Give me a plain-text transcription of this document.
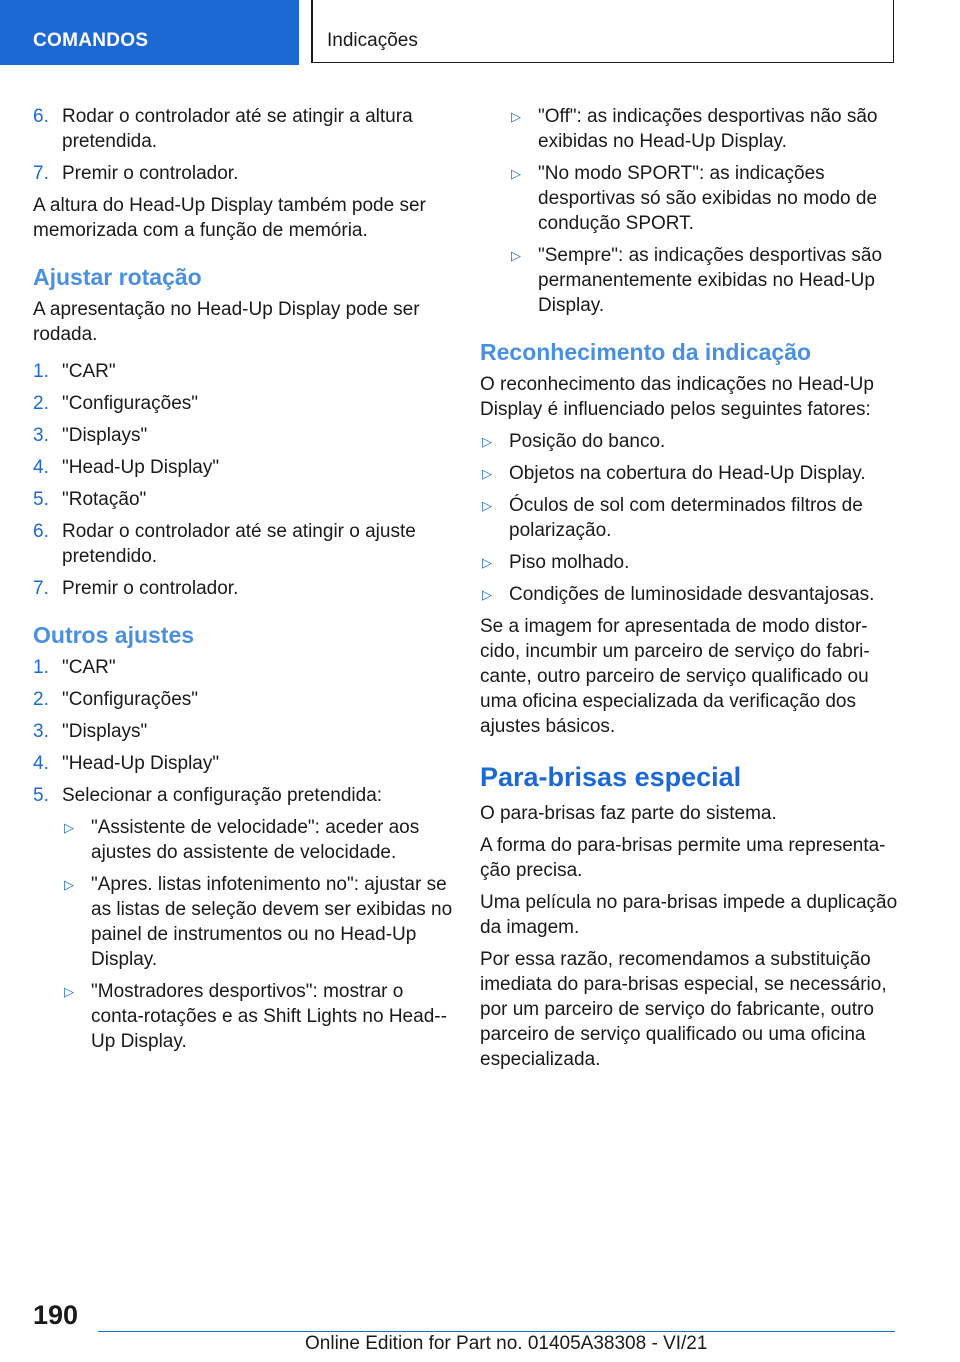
COMANDOS	Indicações
6. Rodar o controlador até se atingir a altura pretendida.
7. Premir o controlador.

A altura do Head-Up Display também pode ser memorizada com a função de memória.

Ajustar rotação

A apresentação no Head-Up Display pode ser rodada.

1. "CAR"
2. "Configurações"
3. "Displays"
4. "Head-Up Display"
5. "Rotação"
6. Rodar o controlador até se atingir o ajuste pretendido.
7. Premir o controlador.
Outros ajustes
1. "CAR"
2. "Configurações"
3. "Displays"
4. "Head-Up Display"
5. Selecionar a configuração pretendida:
▷ "Assistente de velocidade": aceder aos ajustes do assistente de velocidade.
▷ "Apres. listas infotenimento no": ajustar se as listas de seleção devem ser exibidas no painel de instrumentos ou no Head-Up Display.
▷ "Mostradores desportivos": mostrar o conta-rotações e as Shift Lights no Head--Up Display.
▷ "Off": as indicações desportivas não são exibidas no Head-Up Display.
▷ "No modo SPORT": as indicações desportivas só são exibidas no modo de condução SPORT.
▷ "Sempre": as indicações desportivas são permanentemente exibidas no Head-Up Display.
Reconhecimento da indicação

O reconhecimento das indicações no Head-Up Display é influenciado pelos seguintes fatores:

▷ Posição do banco.
▷ Objetos na cobertura do Head-Up Display.
▷ Óculos de sol com determinados filtros de polarização.
▷ Piso molhado.
▷ Condições de luminosidade desvantajosas.

Se a imagem for apresentada de modo distor-cido, incumbir um parceiro de serviço do fabri-cante, outro parceiro de serviço qualificado ou uma oficina especializada da verificação dos ajustes básicos.

Para-brisas especial

O para-brisas faz parte do sistema.

A forma do para-brisas permite uma representa-ção precisa.

Uma película no para-brisas impede a duplicação da imagem.

Por essa razão, recomendamos a substituição imediata do para-brisas especial, se necessário, por um parceiro de serviço do fabricante, outro parceiro de serviço qualificado ou uma oficina especializada.

190
Online Edition for Part no. 01405A38308 - VI/21
